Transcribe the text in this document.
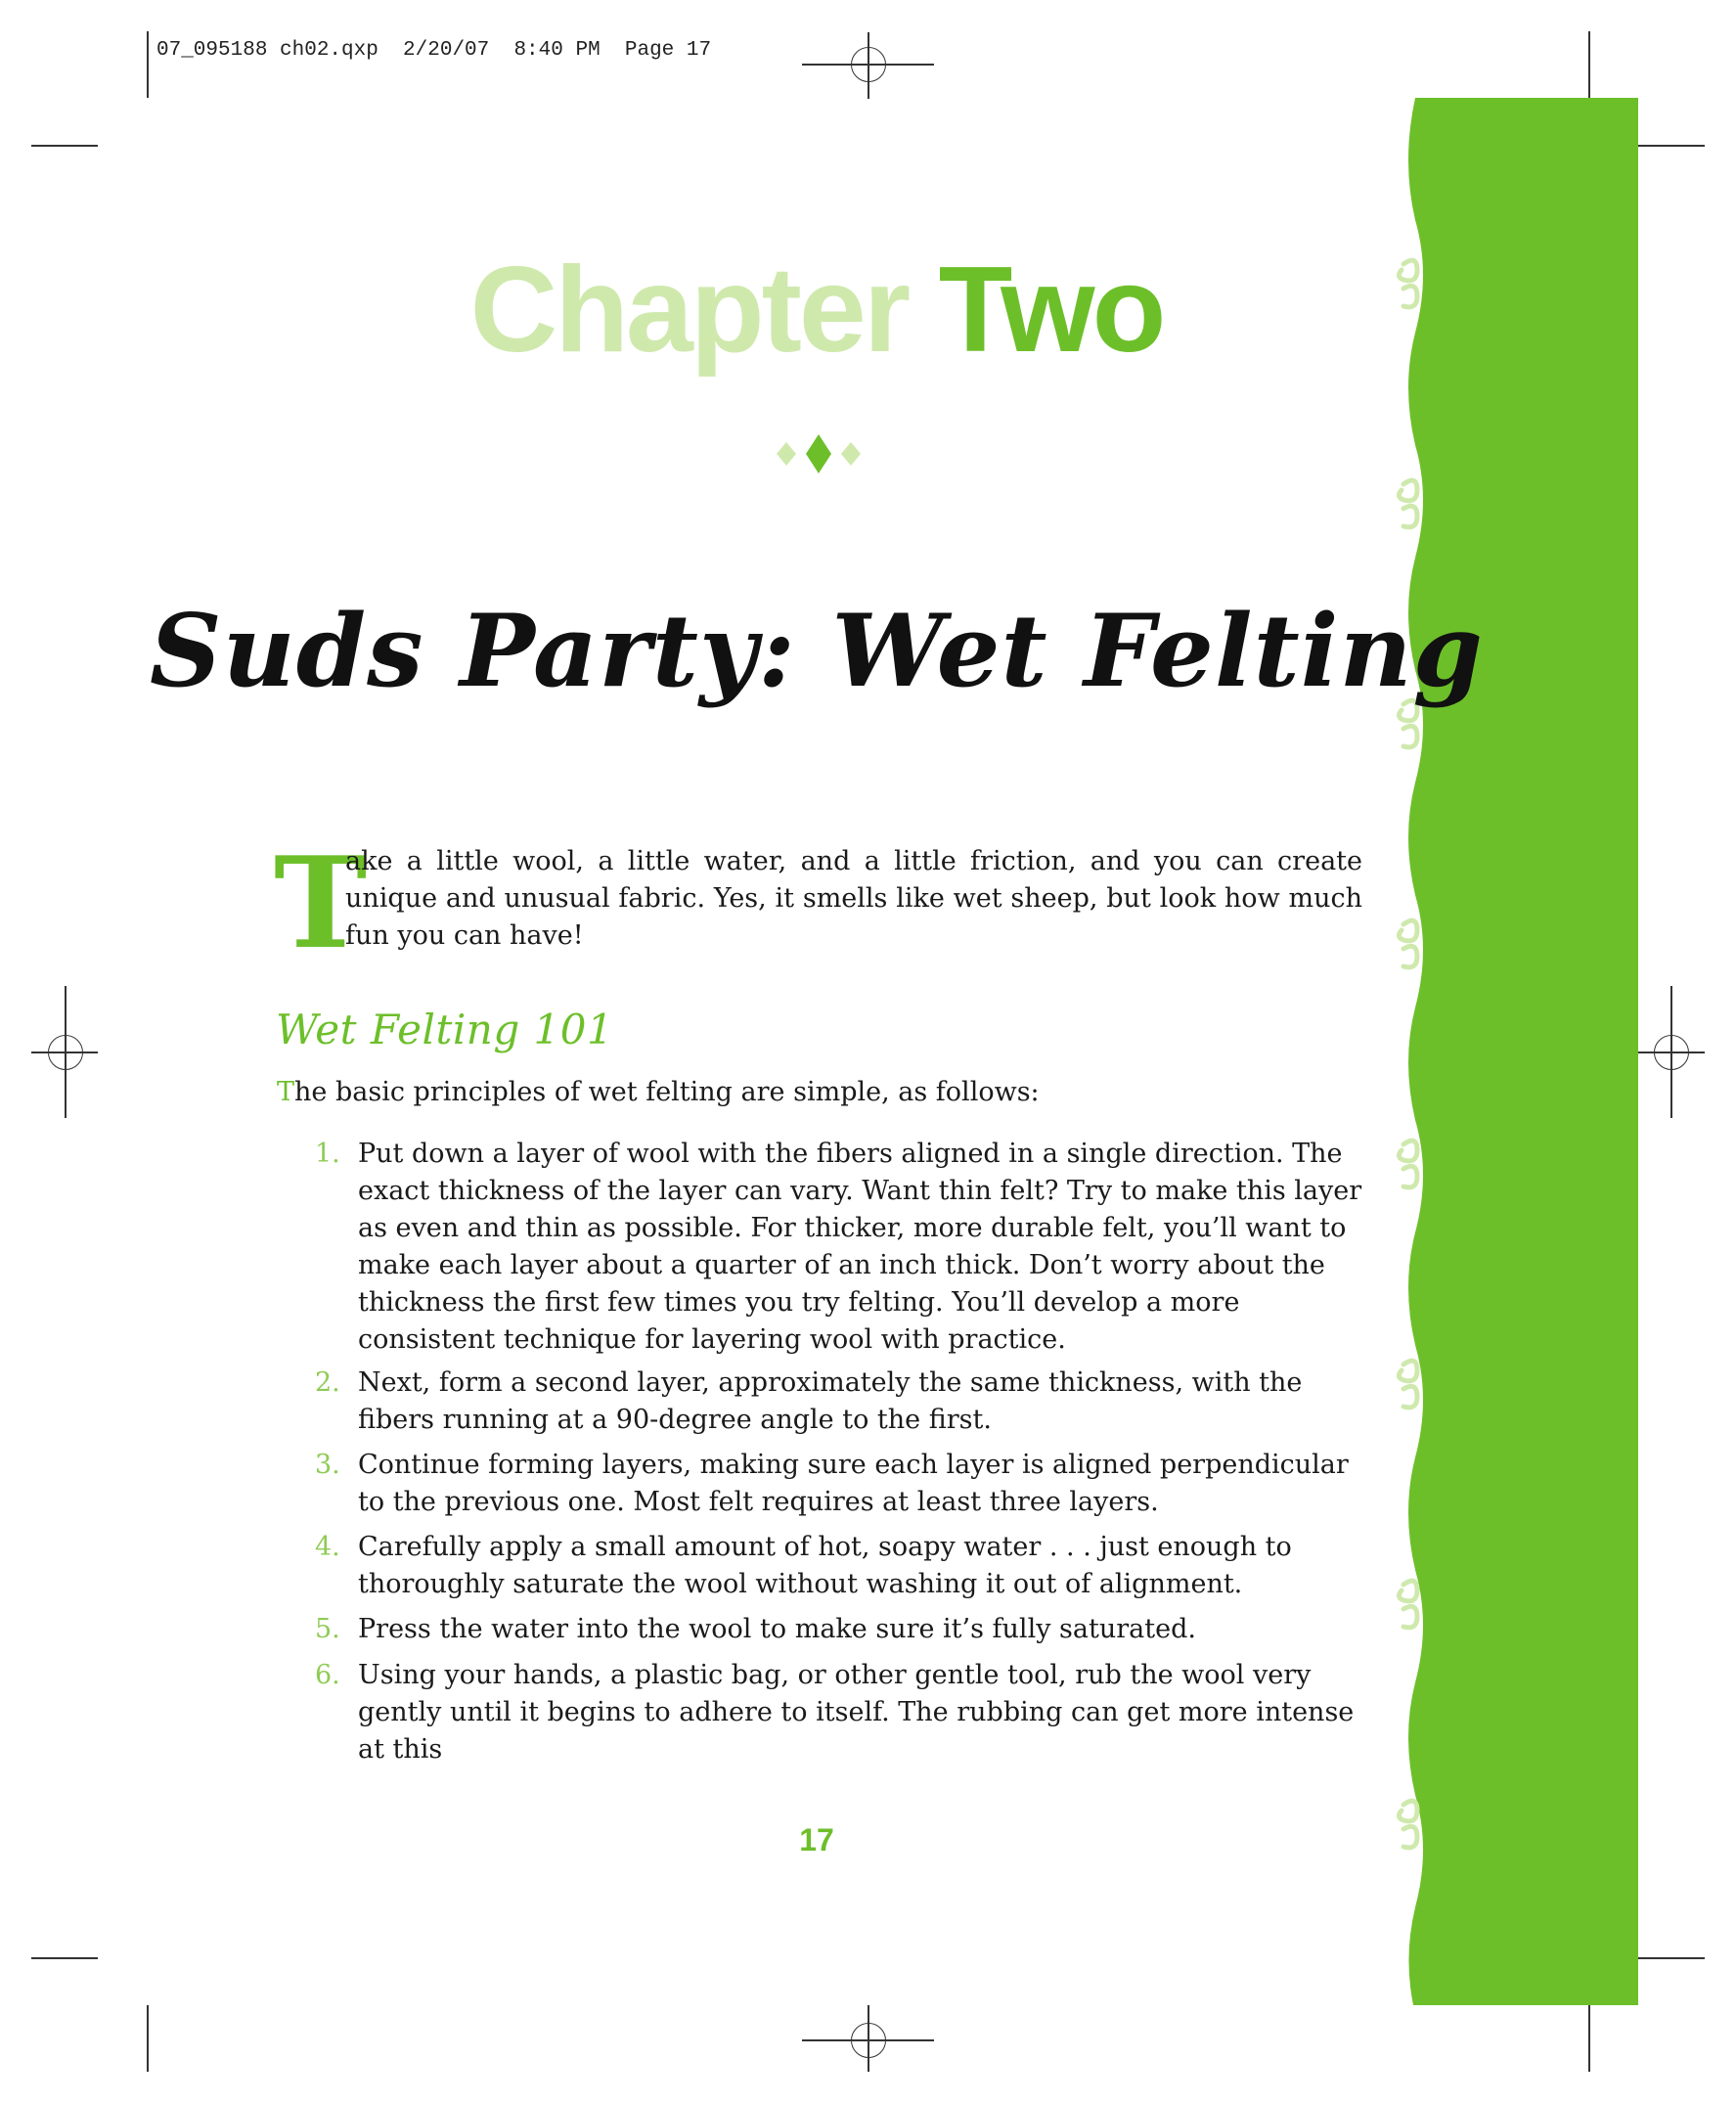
07_095188 ch02.qxp  2/20/07  8:40 PM  Page 17
Chapter Two
Suds Party: Wet Felting
T
ake a little wool, a little water, and a little friction, and you can create unique and unusual fabric. Yes, it smells like wet sheep, but look how much fun you can have!
Wet Felting 101
The basic principles of wet felting are simple, as follows:
1. Put down a layer of wool with the fibers aligned in a single direction. The exact thickness of the layer can vary. Want thin felt? Try to make this layer as even and thin as possible. For thicker, more durable felt, you’ll want to make each layer about a quarter of an inch thick. Don’t worry about the thickness the first few times you try felting. You’ll develop a more consistent technique for layering wool with practice.
2. Next, form a second layer, approximately the same thickness, with the fibers running at a 90-degree angle to the first.
3. Continue forming layers, making sure each layer is aligned perpendicular to the previous one. Most felt requires at least three layers.
4. Carefully apply a small amount of hot, soapy water . . . just enough to thoroughly saturate the wool without washing it out of alignment.
5. Press the water into the wool to make sure it’s fully saturated.
6. Using your hands, a plastic bag, or other gentle tool, rub the wool very gently until it begins to adhere to itself. The rubbing can get more intense at this
17
